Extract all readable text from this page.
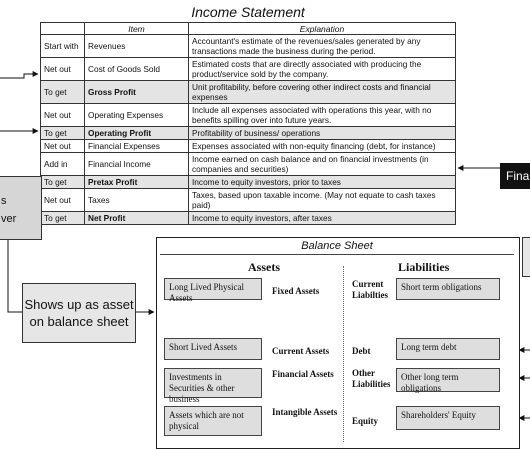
Income Statement
	Item	Explanation
Start with	Revenues	Accountant's estimate of the revenues/sales generated by any transactions made the business during the period.
Net out	Cost of Goods Sold	Estimated costs that are directly associated with producing the product/service sold by the company.
To get	Gross Profit	Unit profitability, before covering other indirect costs and financial expenses
Net out	Operating Expenses	Include all expenses associated with operations this year, with no benefits spilling over into future years.
To get	Operating Profit	Profitability of business/ operations
Net out	Financial Expenses	Expenses associated with non-equity financing (debt, for instance)
Add in	Financial Income	Income earned on cash balance and on financial investments (in companies and securities)
To get	Pretax Profit	Income to equity investors, prior to taxes
Net out	Taxes	Taxes, based upon taxable income. (May not equate to cash taxes paid)
To get	Net Profit	Income to equity investors, after taxes
s
ver
Shows up as asset on balance sheet
Fina
Balance Sheet
Assets	Liabilities
Long Lived Physical Assets
Fixed Assets
Short Lived Assets	Current Assets
Investments in Securities & other business
Financial Assets
Assets which are not physical
Intangible Assets
Current Liabilties
Short term obligations
Debt	Long term debt
Other Liabilities
Other long term obligations
Equity
Shareholders' Equity
